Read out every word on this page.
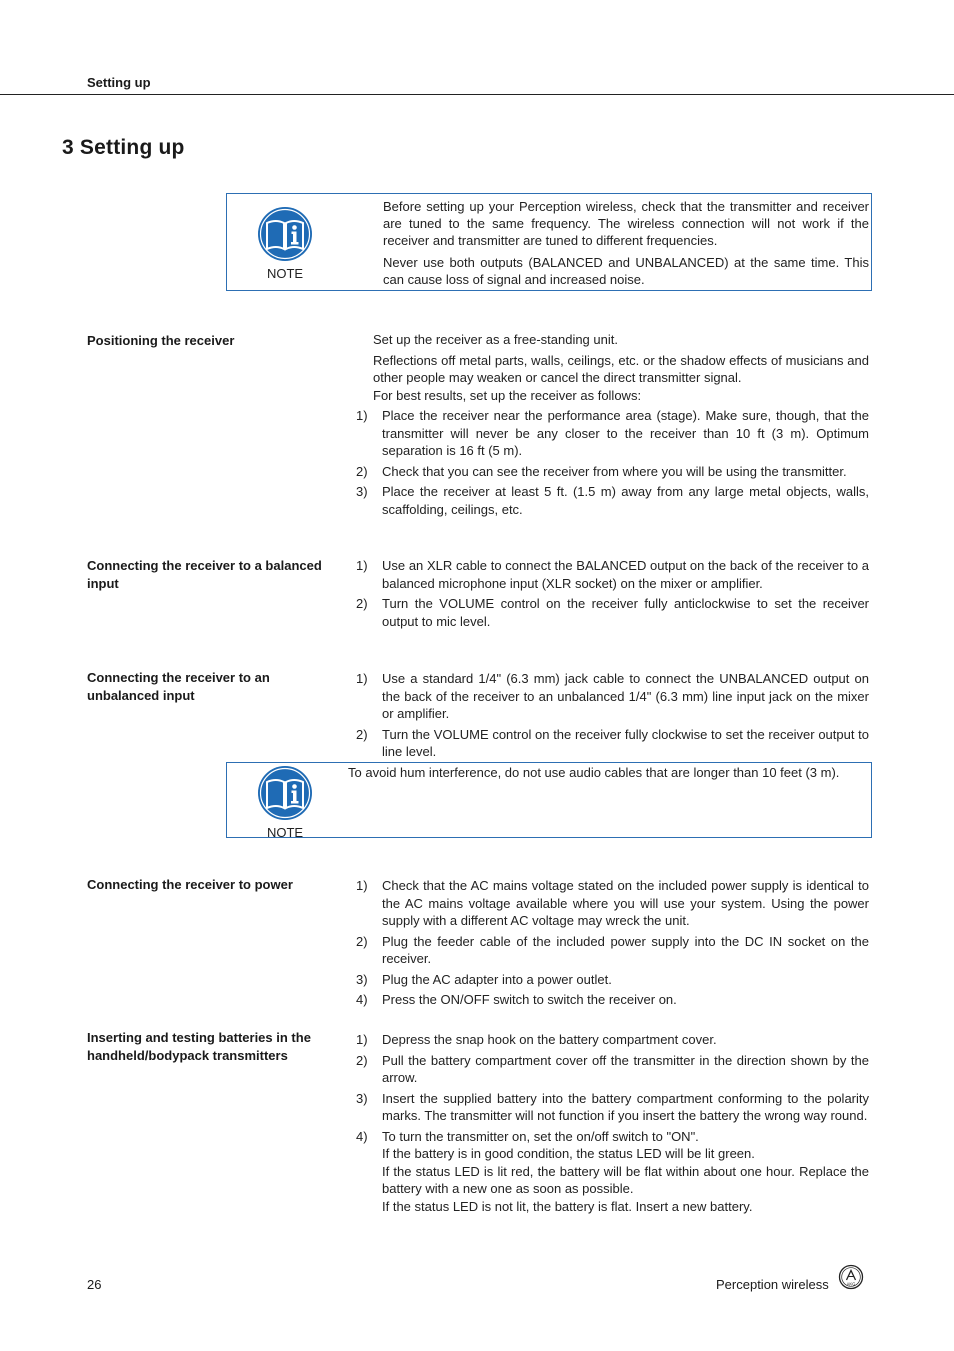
Setting up
3 Setting up
NOTE

Before setting up your Perception wireless, check that the transmitter and receiver are tuned to the same frequency. The wireless connection will not work if the receiver and transmitter are tuned to different frequencies.

Never use both outputs (BALANCED and UNBALANCED) at the same time. This can cause loss of signal and increased noise.

Positioning the receiver	Set up the receiver as a free-standing unit.

Reflections off metal parts, walls, ceilings, etc. or the shadow effects of musicians and other people may weaken or cancel the direct transmitter signal.
For best results, set up the receiver as follows:

1) Place the receiver near the performance area (stage). Make sure, though, that the transmitter will never be any closer to the receiver than 10 ft (3 m). Optimum separation is 16 ft (5 m).
2) Check that you can see the receiver from where you will be using the transmitter.
3) Place the receiver at least 5 ft. (1.5 m) away from any large metal objects, walls, scaffolding, ceilings, etc.
Connecting the receiver to a balanced input
1) Use an XLR cable to connect the BALANCED output on the back of the receiver to a balanced microphone input (XLR socket) on the mixer or amplifier.
2) Turn the VOLUME control on the receiver fully anticlockwise to set the receiver output to mic level.
Connecting the receiver to an unbalanced input
1) Use a standard 1/4" (6.3 mm) jack cable to connect the UNBALANCED output on the back of the receiver to an unbalanced 1/4" (6.3 mm) line input jack on the mixer or amplifier.
2) Turn the VOLUME control on the receiver fully clockwise to set the receiver output to line level.
NOTE
To avoid hum interference, do not use audio cables that are longer than 10 feet (3 m).
Connecting the receiver to power	1) Check that the AC mains voltage stated on the included power supply is identical to the AC mains voltage available where you will use your system. Using the power supply with a different AC voltage may wreck the unit.
2) Plug the feeder cable of the included power supply into the DC IN socket on the receiver.
3) Plug the AC adapter into a power outlet.
4) Press the ON/OFF switch to switch the receiver on.
Inserting and testing batteries in the handheld/bodypack transmitters
1) Depress the snap hook on the battery compartment cover.
2) Pull the battery compartment cover off the transmitter in the direction shown by the arrow.
3) Insert the supplied battery into the battery compartment conforming to the polarity marks. The transmitter will not function if you insert the battery the wrong way round.
4) To turn the transmitter on, set the on/off switch to "ON".
If the battery is in good condition, the status LED will be lit green.
If the status LED is lit red, the battery will be flat within about one hour. Replace the battery with a new one as soon as possible.
If the status LED is not lit, the battery is flat. Insert a new battery.
26	Perception wireless	AKG
